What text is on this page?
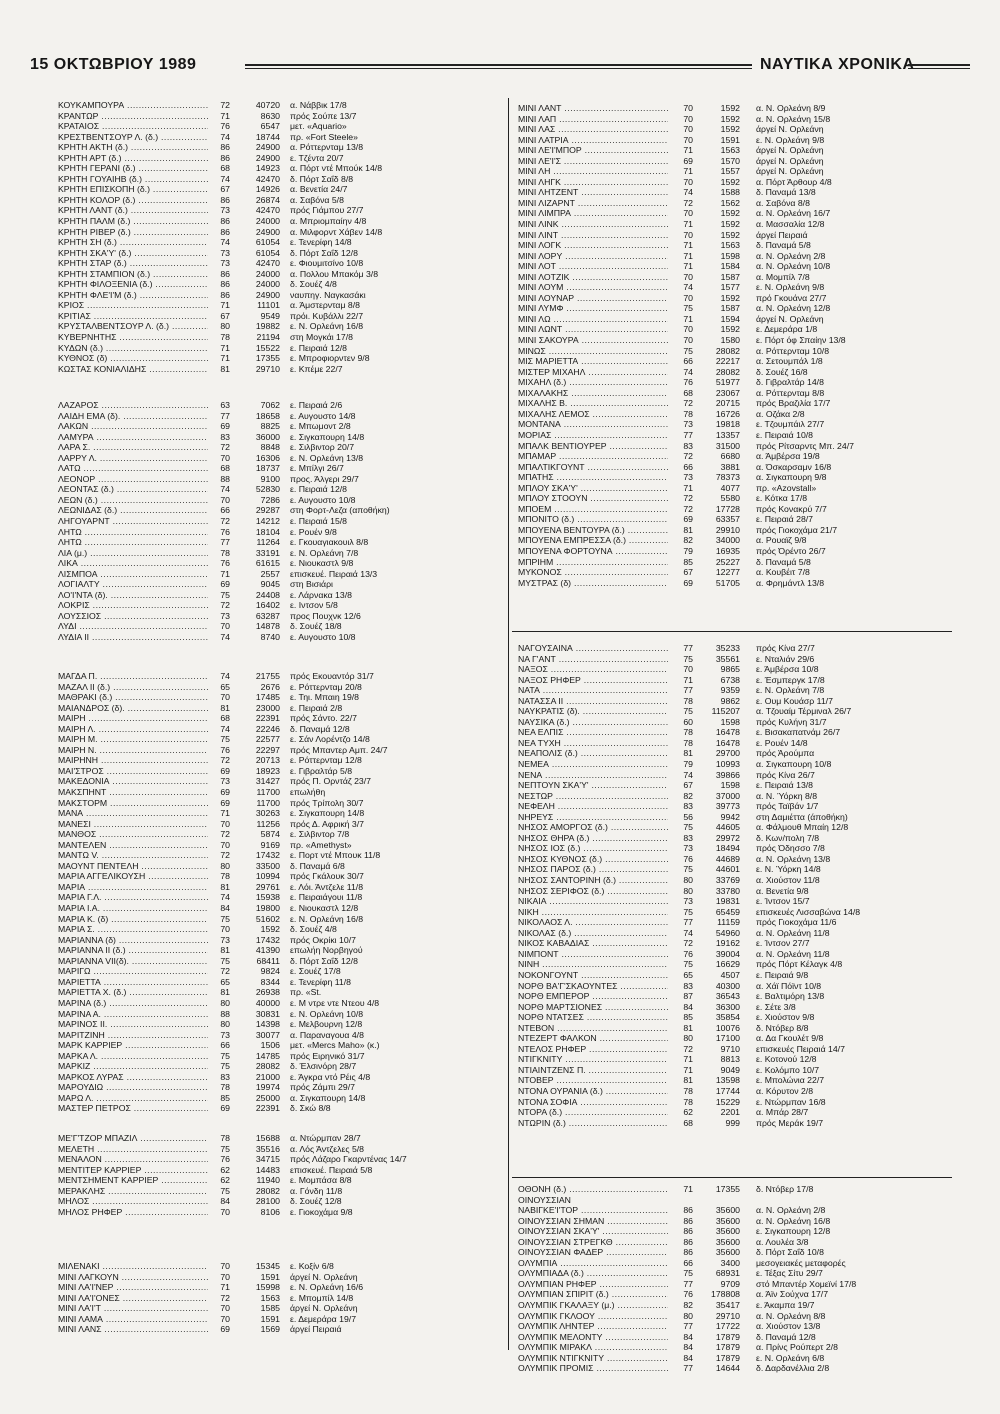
15 ΟΚΤΩΒΡΙΟΥ 1989	ΝΑΥΤΙΚΑ ΧΡΟΝΙΚΑ
ΚΟΥΚΑΜΠΟΥΡΑ .....	72	40720 α. Νάββικ 17/8
ΚΡΑΝΤΩΡ .....	71	8630 πρός Σούπε 13/7
ΚΡΑΤΑΙΟΣ .....	76	6547 μετ. «Aquario»
ΚΡΕΣΤΒΕΝΤΣΟΥΡ Λ. (δ.) .....	74	18744 πρ. «Fort Steele»
ΚΡΗΤΗ ΑΚΤΗ (δ.) .....	86	24900 α. Ρόττερνταμ 13/8
ΚΡΗΤΗ ΑΡΤ (δ.) .....	86	24900 ε. Τζέντα 20/7
ΚΡΗΤΗ ΓΕΡΑΝΙ (δ.) .....	68	14923 α. Πόρτ ντέ Μπούκ 14/8
ΚΡΗΤΗ ΓΟΥΑΙΗΒ (δ.) .....	74	42470 δ. Πόρτ Σαΐδ 8/8
ΚΡΗΤΗ ΕΠΙΣΚΟΠΗ (δ.) .....	67	14926 α. Βενετία 24/7
ΚΡΗΤΗ ΚΟΛΟΡ (δ.) .....	86	26874 α. Σαβόνα 5/8
ΚΡΗΤΗ ΛΑΝΤ (δ.) .....	73	42470 πρός Γιάμπου 27/7
ΚΡΗΤΗ ΠΑΛΜ (δ.) .....	86	24000 α. Μπριομπαίην 4/8
ΚΡΗΤΗ ΡΙΒΕΡ (δ.) .....	86	24900 α. Μιλφορντ Χάβεν 14/8
ΚΡΗΤΗ ΣΗ (δ.) .....	74	61054 ε. Τενερίφη 14/8
ΚΡΗΤΗ ΣΚΑ'Υ' (δ.) .....	73	61054 δ. Πόρτ Σαΐδ 12/8
ΚΡΗΤΗ ΣΤΑΡ (δ.) .....	73	42470 ε. Φιουμιτσίνο 10/8
ΚΡΗΤΗ ΣΤΑΜΠΙΟΝ (δ.) .....	86	24000 α. Πολλου Μπακόμ 3/8
ΚΡΗΤΗ ΦΙΛΟΞΕΝΙΑ (δ.) .....	86	24000 δ. Σουέζ 4/8
ΚΡΗΤΗ ΦΛΕ'Ι'Μ (δ.) .....	86	24900 ναυπηγ. Ναγκασάκι
ΚΡΙΟΣ .....	71	11101 α. Άμστερνταμ 8/8
ΚΡΙΤΙΑΣ .....	67	9549 πρόι. Κυβάλλι 22/7
ΚΡΥΣΤΑΛΒΕΝΤΣΟΥΡ Λ. (δ.) .....	80	19882 ε. Ν. Ορλεάνη 16/8
ΚΥΒΕΡΝΗΤΗΣ .....	78	21194 στη Μογκάι 17/8
ΚΥΔΩΝ (δ.) .....	71	15522 ε. Πειραιά 12/8
ΚΥΘΝΟΣ (δ) .....	71	17355 ε. Μπροφιορντεν 9/8
ΚΩΣΤΑΣ ΚΟΝΙΑΛΙΔΗΣ .....	81	29710 ε. Κπέμε 22/7
ΛΑΖΑΡΟΣ .....	63	7062 ε. Πειραιά 2/6
ΛΑΙΔΗ ΕΜΑ (δ). .....	77	18658 ε. Αυγουστο 14/8
ΛΑΚΩΝ .....	69	8825 ε. Μπωμοντ 2/8
ΛΑΜΥΡΑ .....	83	36000 ε. Σιγκαπουρη 14/8
ΛΑΡΑ Σ. .....	72	8848 ε. Σιλβιντορ 20/7
ΛΑΡΡΥ Λ. .....	70	16306 ε. Ν. Ορλεάνη 13/8
ΛΑΤΩ .....	68	18737 ε. Μπίλγι 26/7
ΛΕΟΝΟΡ .....	88	9100 προς. Άλγερι 29/7
ΛΕΟΝΤΑΣ (δ.) .....	74	52830 ε. Πειραιά 12/8
ΛΕΩΝ (δ.) .....	70	7286 ε. Αυγουστο 10/8
ΛΕΩΝΙΔΑΣ (δ.) .....	66	29287 στη Φορτ-Λεζα (αποθήκη)
ΛΗΓΟΥΑΡΝΤ .....	72	14212 ε. Πειραιά 15/8
ΛΗΤΩ .....	76	18104 ε. Ρουέν 9/8
ΛΗΤΩ .....	77	11264 ε. Γκουαγιακουιλ 8/8
ΛΙΑ (μ.) .....	78	33191 ε. Ν. Ορλεάνη 7/8
ΛΙΚΑ .....	76	61615 ε. Νιουκαστλ 9/8
ΛΙΣΜΠΟΑ .....	71	2557 επισκευέ. Πειραιά 13/3
ΛΟΓΙΑΛΤΥ .....	69	9045 στη Βισιάρι
ΛΟ'Ι'ΝΤΑ (δ). .....	75	24408 ε. Λάρνακα 13/8
ΛΟΚΡΙΣ .....	72	16402 ε. Ιντσον 5/8
ΛΟΥΣΣΙΟΣ .....	73	63287 προς Πουχνκ 12/6
ΛΥΔΙ .....	70	14878 δ. Σουέζ 18/8
ΛΥΔΙΑ ΙΙ .....	74	8740 ε. Αυγουστο 10/8
ΜΑΓΔΑ Π. .....	74	21755 πρός Εκουαντόρ 31/7
ΜΑΖΑΛ ΙΙ (δ.) .....	65	2676 ε. Ρόττερνταμ 20/8
ΜΑΘΡΑΚΙ (δ.) .....	70	17485 ε. Τηι. Μπαιη 19/8
ΜΑΙΑΝΔΡΟΣ (δ). .....	81	23000 ε. Πειραιά 2/8
ΜΑΙΡΗ .....	68	22391 πρός Σάντο. 22/7
ΜΑΙΡΗ Λ. .....	74	22246 δ. Παναμά 12/8
ΜΑΙΡΗ Μ. .....	75	22577 ε. Σάν Λορέντζο 14/8
ΜΑΙΡΗ Ν. .....	76	22297 πρός Μπαντερ Αμπ. 24/7
ΜΑΙΡΗΝΗ .....	72	20713 ε. Ρόττερνταμ 12/8
ΜΑΙ'ΣΤΡΟΣ .....	69	18923 ε. Γιβραλτάρ 5/8
ΜΑΚΕΔΟΝΙΑ .....	73	31427 πρός Π. Ορντάζ 23/7
ΜΑΚΣΠΗΝΤ .....	69	11700 επωλήθη
ΜΑΚΣΤΟΡΜ .....	69	11700 πρός Τρίπολη 30/7
ΜΑΝΑ .....	71	30263 ε. Σιγκαπουρη 14/8
ΜΑΝΕΣΙ .....	70	11256 πρός Δ. Αφρική 3/7
ΜΑΝΘΟΣ .....	72	5874 ε. Σιλβιντορ 7/8
ΜΑΝΤΕΛΕΝ .....	70	9169 πρ. «Amethyst»
ΜΑΝΤΩ V. .....	72	17432 ε. Πορτ ντέ Μπουκ 11/8
ΜΑΟΥΝΤ ΠΕΝΤΕΛΗ .....	80	33500 δ. Παναμά 6/8
ΜΑΡΙΑ ΑΓΓΕΛΙΚΟΥΣΗ .....	78	10994 πρός Γκάλουκ 30/7
ΜΑΡΙΑ .....	81	29761 ε. Λόι. Άντζελε 11/8
ΜΑΡΙΑ Γ.Λ. .....	74	15938 ε. Πειραιάγουι 11/8
ΜΑΡΙΑ Ι.Α. .....	84	19800 ε. Νιουκαστλ 12/8
ΜΑΡΙΑ Κ. (δ) .....	75	51602 ε. Ν. Ορλεάνη 16/8
ΜΑΡΙΑ Σ. .....	70	1592 δ. Σουέζ 4/8
ΜΑΡΙΑΝΝΑ (δ) .....	73	17432 πρός Οκρίκι 10/7
ΜΑΡΙΑΝΝΑ ΙΙ (δ.) .....	81	41390 επωλήη Νορβηγού
ΜΑΡΙΑΝΝΑ VII(δ). .....	75	68411 δ. Πόρτ Σαΐδ 12/8
ΜΑΡΙΓΩ .....	72	9824 ε. Σουέζ 17/8
ΜΑΡΙΕΤΤΑ .....	65	8344 ε. Τενερίφη 11/8
ΜΑΡΙΕΤΤΑ Χ. (δ.) .....	81	26938 πρ. «St.
ΜΑΡΙΝΑ (δ.) .....	80	40000 ε. Μ ντρε ντε Ντεου 4/8
ΜΑΡΙΝΑ Α. .....	88	30831 ε. Ν. Ορλεάνη 10/8
ΜΑΡΙΝΟΣ ΙΙ. .....	80	14398 ε. Μελβουρνη 12/8
ΜΑΡΙΤΖΙΝΗ .....	73	30077 α. Παραναγουα 4/8
ΜΑΡΚ ΚΑΡΡΙΕΡ .....	66	1506 μετ. «Mercs Maho» (κ.)
ΜΑΡΚΑ Λ. .....	75	14785 πρός Ειρηνικό 31/7
ΜΑΡΚΙΖ .....	75	28082 δ. Έλσινόρη 28/7
ΜΑΡΚΟΣ ΛΥΡΑΣ .....	83	21000 ε. Άγκρα ντό Ρέις 4/8
ΜΑΡΟΥΔΙΩ .....	78	19974 πρός Ζάμπι 29/7
ΜΑΡΩ Λ. .....	85	25000 α. Σιγκαπουρη 14/8
ΜΑΣΤΕΡ ΠΕΤΡΟΣ .....	69	22391 δ. Σκώ 8/8
ΜΕ'Γ'ΤΖΟΡ ΜΠΑΖΙΛ .....	78	15688 α. Ντώρμπαν 28/7
ΜΕΛΕΤΗ .....	75	35516 α. Λός Άντζελες 5/8
ΜΕΝΑΛΟΝ .....	76	34715 πρός Λάζαρο Γκαρντένας 14/7
ΜΕΝΤΙΤΕΡ ΚΑΡΡΙΕΡ .....	62	14483 επισκευέ. Πειραιά 5/8
ΜΕΝΤΣΗΜΕΝΤ ΚΑΡΡΙΕΡ .....	62	11940 ε. Μομπάσα 8/8
ΜΕΡΑΚΛΗΣ .....	75	28082 α. Γόνδη 11/8
ΜΗΛΟΣ .....	84	28100 δ. Σουέζ 12/8
ΜΗΛΟΣ ΡΗΦΕΡ .....	70	8106 ε. Γιοκοχάμα 9/8
ΜΙΛΕΝΑΚΙ .....	70	15345 ε. Κοξίν 6/8
ΜΙΝΙ ΛΑΓΚΟΥΝ .....	70	1591 άργεί Ν. Ορλεάνη
ΜΙΝΙ ΛΑ'Ι'ΝΕΡ .....	71	15998 ε. Ν. Ορλεάνη 16/6
ΜΙΝΙ ΛΑ'Ι'ΟΝΕΣ .....	72	1563 ε. Μπομπίλ 14/8
ΜΙΝΙ ΛΑ'Ι'Τ .....	70	1585 άργεί Ν. Ορλεάνη
ΜΙΝΙ ΛΑΜΑ .....	70	1591 ε. Δεμεράρα 19/7
ΜΙΝΙ ΛΑΝΣ .....	69	1569 άργεί Πειραιά
ΜΙΝΙ ΛΑΝΤ .....	70	1592 α. Ν. Ορλεάνη 8/9
ΜΙΝΙ ΛΑΠ .....	70	1592 α. Ν. Ορλεάνη 15/8
ΜΙΝΙ ΛΑΣ .....	70	1592 άργεί Ν. Ορλεάνη
ΜΙΝΙ ΛΑΤΡΙΑ .....	70	1591 ε. Ν. Ορλεάνη 9/8
ΜΙΝΙ ΛΕ'Ι'ΜΠΟΡ .....	71	1563 άργεί Ν. Ορλεάνη
ΜΙΝΙ ΛΕ'Ι'Σ .....	69	1570 άργεί Ν. Ορλεάνη
ΜΙΝΙ ΛΗ .....	71	1557 άργεί Ν. Ορλεάνη
ΜΙΝΙ ΛΗΓΚ .....	70	1592 α. Πόρτ Άρθουρ 4/8
ΜΙΝΙ ΛΗΤΖΕΝΤ .....	74	1588 δ. Παναμά 13/8
ΜΙΝΙ ΛΙΖΑΡΝΤ .....	72	1562 α. Σαβόνα 8/8
ΜΙΝΙ ΛΙΜΠΡΑ .....	70	1592 α. Ν. Ορλεάνη 16/7
ΜΙΝΙ ΛΙΝΚ .....	71	1592 α. Μασσαλία 12/8
ΜΙΝΙ ΛΙΝΤ .....	70	1592 άργεί Πειραιά
ΜΙΝΙ ΛΟΓΚ .....	71	1563 δ. Παναμά 5/8
ΜΙΝΙ ΛΟΡΥ .....	71	1598 α. Ν. Ορλεάνη 2/8
ΜΙΝΙ ΛΟΤ .....	71	1584 α. Ν. Ορλεάνη 10/8
ΜΙΝΙ ΛΟΤΖΙΚ .....	70	1587 α. Μομπίλ 7/8
ΜΙΝΙ ΛΟΥΜ .....	74	1577 ε. Ν. Ορλεάνη 9/8
ΜΙΝΙ ΛΟΥΝΑΡ .....	70	1592 πρό Γκουάνα 27/7
ΜΙΝΙ ΛΥΜΦ .....	75	1587 α. Ν. Ορλεάνη 12/8
ΜΙΝΙ ΛΩ .....	71	1594 άργεί Ν. Ορλεάνη
ΜΙΝΙ ΛΩΝΤ .....	70	1592 ε. Δεμεράρα 1/8
ΜΙΝΙ ΣΑΚΟΥΡΑ .....	70	1580 ε. Πόρτ όφ Σπαίην 13/8
ΜΙΝΩΣ .....	75	28082 α. Ρόττερνταμ 10/8
ΜΙΣ ΜΑΡΙΕΤΤΑ .....	66	22217 α. Σετουμπάλ 1/8
ΜΙΣΤΕΡ ΜΙΧΑΗΛ .....	74	28082 δ. Σουέζ 16/8
ΜΙΧΑΗΛ (δ.) .....	76	51977 δ. Γιβραλτάρ 14/8
ΜΙΧΑΛΑΚΗΣ .....	68	23067 α. Ρόττερνταμ 8/8
ΜΙΧΑΛΗΣ Β. .....	72	20715 πρός Βραζιλία 17/7
ΜΙΧΑΛΗΣ ΛΕΜΟΣ .....	78	16726 α. Οζάκα 2/8
ΜΟΝΤΑΝΑ .....	73	19818 ε. Τζουμπάιλ 27/7
ΜΟΡΙΑΣ .....	77	13357 ε. Πειραιά 10/8
ΜΠΑΛΚ ΒΕΝΤΙΟΥΡΕΡ .....	83	31500 πρός Ρίτσαρντς Μπ. 24/7
ΜΠΑΜΑΡ .....	72	6680 α. Άμβέρσα 19/8
ΜΠΑΛΤΙΚΓΟΥΝΤ .....	66	3881 α. Όσκαρσαμν 16/8
ΜΠΑΤΗΣ .....	73	78373 α. Σιγκαπουρη 9/8
ΜΠΛΟΥ ΣΚΑ'Υ' .....	71	4077 πρ. «Azovstall»
ΜΠΛΟΥ ΣΤΟΟΥΝ .....	72	5580 ε. Κότκα 17/8
ΜΠΟΕΜ .....	72	17728 πρός Κονακρύ 7/7
ΜΠΟΝΙΤΟ (δ.) .....	69	63357 ε. Πειραιά 28/7
ΜΠΟΥΕΝΑ ΒΕΝΤΟΥΡΑ (δ.) .....	81	29910 πρός Γιοκοχάμα 21/7
ΜΠΟΥΕΝΑ ΕΜΠΡΕΣΣΑ (δ.) .....	82	34000 α. Ρουαϊζ 9/8
ΜΠΟΥΕΝΑ ΦΟΡΤΟΥΝΑ .....	79	16935 πρός Όρέντο 26/7
ΜΠΡΙΗΜ .....	85	25227 δ. Παναμά 5/8
ΜΥΚΟΝΟΣ .....	67	12277 α. Κουβέιτ 7/8
ΜΥΣΤΡΑΣ (δ) .....	69	51705 α. Φρημάντλ 13/8
ΝΑΓΟΥΣΑΙΝΑ .....	77	35233 πρός Κίνα 27/7
ΝΑ Γ'ΑΝΤ .....	75	35561 ε. Νταλιάν 29/6
ΝΑΞΟΣ .....	70	9865 ε. Άμβέρσα 10/8
ΝΑΞΟΣ ΡΗΦΕΡ .....	71	6738 ε. Έσμπεργκ 17/8
ΝΑΤΑ .....	77	9359 ε. Ν. Ορλεάνη 7/8
ΝΑΤΑΣΣΑ ΙΙ .....	78	9862 ε. Ουμ Κουάσρ 11/7
ΝΑΥΚΡΑΤΙΣ (δ). .....	75	115207 α. Τζουαίμ Τέρμιναλ 26/7
ΝΑΥΣΙΚΑ (δ.) .....	60	1598 πρός Κυλήνη 31/7
ΝΕΑ ΕΛΠΙΣ .....	78	16478 ε. Βισακαπατνάμ 26/7
ΝΕΑ ΤΥΧΗ .....	78	16478 ε. Ρουέν 14/8
ΝΕΑΠΟΛΙΣ (δ.) .....	81	29700 πρός Άρούμπα
ΝΕΜΕΑ .....	79	10993 α. Σιγκαπουρη 10/8
ΝΕΝΑ .....	74	39866 πρός Κίνα 26/7
ΝΕΠΤΟΥΝ ΣΚΑ'Υ' .....	67	1598 ε. Πειραιά 13/8
ΝΕΣΤΩΡ .....	82	37000 α. Ν. Ύόρκη 8/8
ΝΕΦΕΛΗ .....	83	39773 πρός Ταϊβάν 1/7
ΝΗΡΕΥΣ .....	56	9942 στη Δαμιέττα (άποθήκη)
ΝΗΣΟΣ ΑΜΟΡΓΟΣ (δ.) .....	75	44605 α. Φάλμουθ Μπαίη 12/8
ΝΗΣΟΣ ΘΗΡΑ (δ.) .....	83	29972 δ. Κων/πολη 7/8
ΝΗΣΟΣ ΙΟΣ (δ.) .....	73	18494 πρός Όδησσο 7/8
ΝΗΣΟΣ ΚΥΘΝΟΣ (δ.) .....	76	44689 α. Ν. Ορλεάνη 13/8
ΝΗΣΟΣ ΠΑΡΟΣ (δ.) .....	75	44601 ε. Ν. Ύόρκη 14/8
ΝΗΣΟΣ ΣΑΝΤΟΡΙΝΗ (δ.) .....	80	33769 α. Χιούστον 11/8
ΝΗΣΟΣ ΣΕΡΙΦΟΣ (δ.) .....	80	33780 α. Βενετία 9/8
ΝΙΚΑΙΑ .....	73	19831 ε. Ίντσον 15/7
ΝΙΚΗ .....	75	65459 επισκευές Λισσαβώνα 14/8
ΝΙΚΟΛΑΟΣ Λ. .....	77	11159 πρός Γιοκοχάμα 11/6
ΝΙΚΟΛΑΣ (δ.) .....	74	54960 α. Ν. Ορλεάνη 11/8
ΝΙΚΟΣ ΚΑΒΑΔΙΑΣ .....	72	19162 ε. Ίντσον 27/7
ΝΙΜΠΟΝΤ .....	76	39004 α. Ν. Ορλεάνη 11/8
ΝΙΝΗ .....	75	16629 πρός Πόρτ Κέλαγκ 4/8
ΝΟΚΟΝΓΟΥΝΤ .....	65	4507 ε. Πειραιά 9/8
ΝΟΡΘ ΒΑ'Γ'ΣΚΑΟΥΝΤΕΣ .....	83	40300 α. Χάϊ Πόϊντ 10/8
ΝΟΡΘ ΕΜΠΕΡΟΡ .....	87	36543 ε. Βαλτιμόρη 13/8
ΝΟΡΘ ΜΑΡΤΣΙΟΝΕΣ .....	84	36300 ε. Σέτε 3/8
ΝΟΡΘ ΝΤΑΤΣΕΣ .....	85	35854 ε. Χιούστον 9/8
ΝΤΕΒΟΝ .....	81	10076 δ. Ντόβερ 8/8
ΝΤΕΖΕΡΤ ΦΑΛΚΟΝ .....	80	17100 α. Δα Γκουλέτ 9/8
ΝΤΕΛΟΣ ΡΗΦΕΡ .....	72	9710 επισκευές Πειραιά 14/7
ΝΤΙΓΚΝΙΤΥ .....	71	8813 ε. Κοτονού 12/8
ΝΤΙΑΙΝΤΖΕΝΣ Π. .....	71	9049 ε. Κολόμπο 10/7
ΝΤΟΒΕΡ .....	81	13598 ε. Μπολώνια 22/7
ΝΤΟΝΑ ΟΥΡΑΝΙΑ (δ.) .....	78	17744 α. Κόρυτον 2/8
ΝΤΟΝΑ ΣΟΦΙΑ .....	78	15229 ε. Ντώρμπαν 16/8
ΝΤΟΡΑ (δ.) .....	62	2201 α. Μπάρ 28/7
ΝΤΩΡΙΝ (δ.) .....	68	999 πρός Μεράκ 19/7
ΟΘΟΝΗ (δ.) .....	71	17355 δ. Ντόβερ 17/8
ΟΙΝΟΥΣΣΙΑΝ
ΝΑΒΙΓΚΕ'Ι'ΤΟΡ .....	86	35600 α. Ν. Ορλεάνη 2/8
ΟΙΝΟΥΣΣΙΑΝ ΣΗΜΑΝ .....	86	35600 α. Ν. Ορλεάνη 16/8
ΟΙΝΟΥΣΣΙΑΝ ΣΚΑ'Υ' .....	86	35600 ε. Σιγκαπουρη 12/8
ΟΙΝΟΥΣΣΙΑΝ ΣΤΡΕΓΚΘ .....	86	35600 α. Λουλέα 3/8
ΟΙΝΟΥΣΣΙΑΝ ΦΑΔΕΡ .....	86	35600 δ. Πόρτ Σαΐδ 10/8
ΟΛΥΜΠΙΑ .....	66	3400 μεσογειακές μεταφορές
ΟΛΥΜΠΙΑΔΑ (δ.) .....	75	68931 ε. Τέξας Σίτυ 29/7
ΟΛΥΜΠΙΑΝ ΡΗΦΕΡ .....	77	9709 στό Μπαντέρ Χομεϊνί 17/8
ΟΛΥΜΠΙΑΝ ΣΠΙΡΙΤ (δ.) .....	76	178808 α. Άϊν Σούχνα 17/7
ΟΛΥΜΠΙΚ ΓΚΑΛΑΞΥ (μ.) .....	82	35417 ε. Άκαμπα 19/7
ΟΛΥΜΠΙΚ ΓΚΛΟΟΥ .....	80	29710 α. Ν. Ορλεάνη 8/8
ΟΛΥΜΠΙΚ ΛΗΝΤΕΡ .....	77	17722 α. Χιούστον 13/8
ΟΛΥΜΠΙΚ ΜΕΛΟΝΤΥ .....	84	17879 δ. Παναμά 12/8
ΟΛΥΜΠΙΚ ΜΙΡΑΚΛ .....	84	17879 α. Πρίνς Ρούπερτ 2/8
ΟΛΥΜΠΙΚ ΝΤΙΓΚΝΙΤΥ .....	84	17879 ε. Ν. Ορλεάνη 6/8
ΟΛΥΜΠΙΚ ΠΡΟΜΙΣ .....	77	14644 δ. Δαρδανέλλια 2/8
